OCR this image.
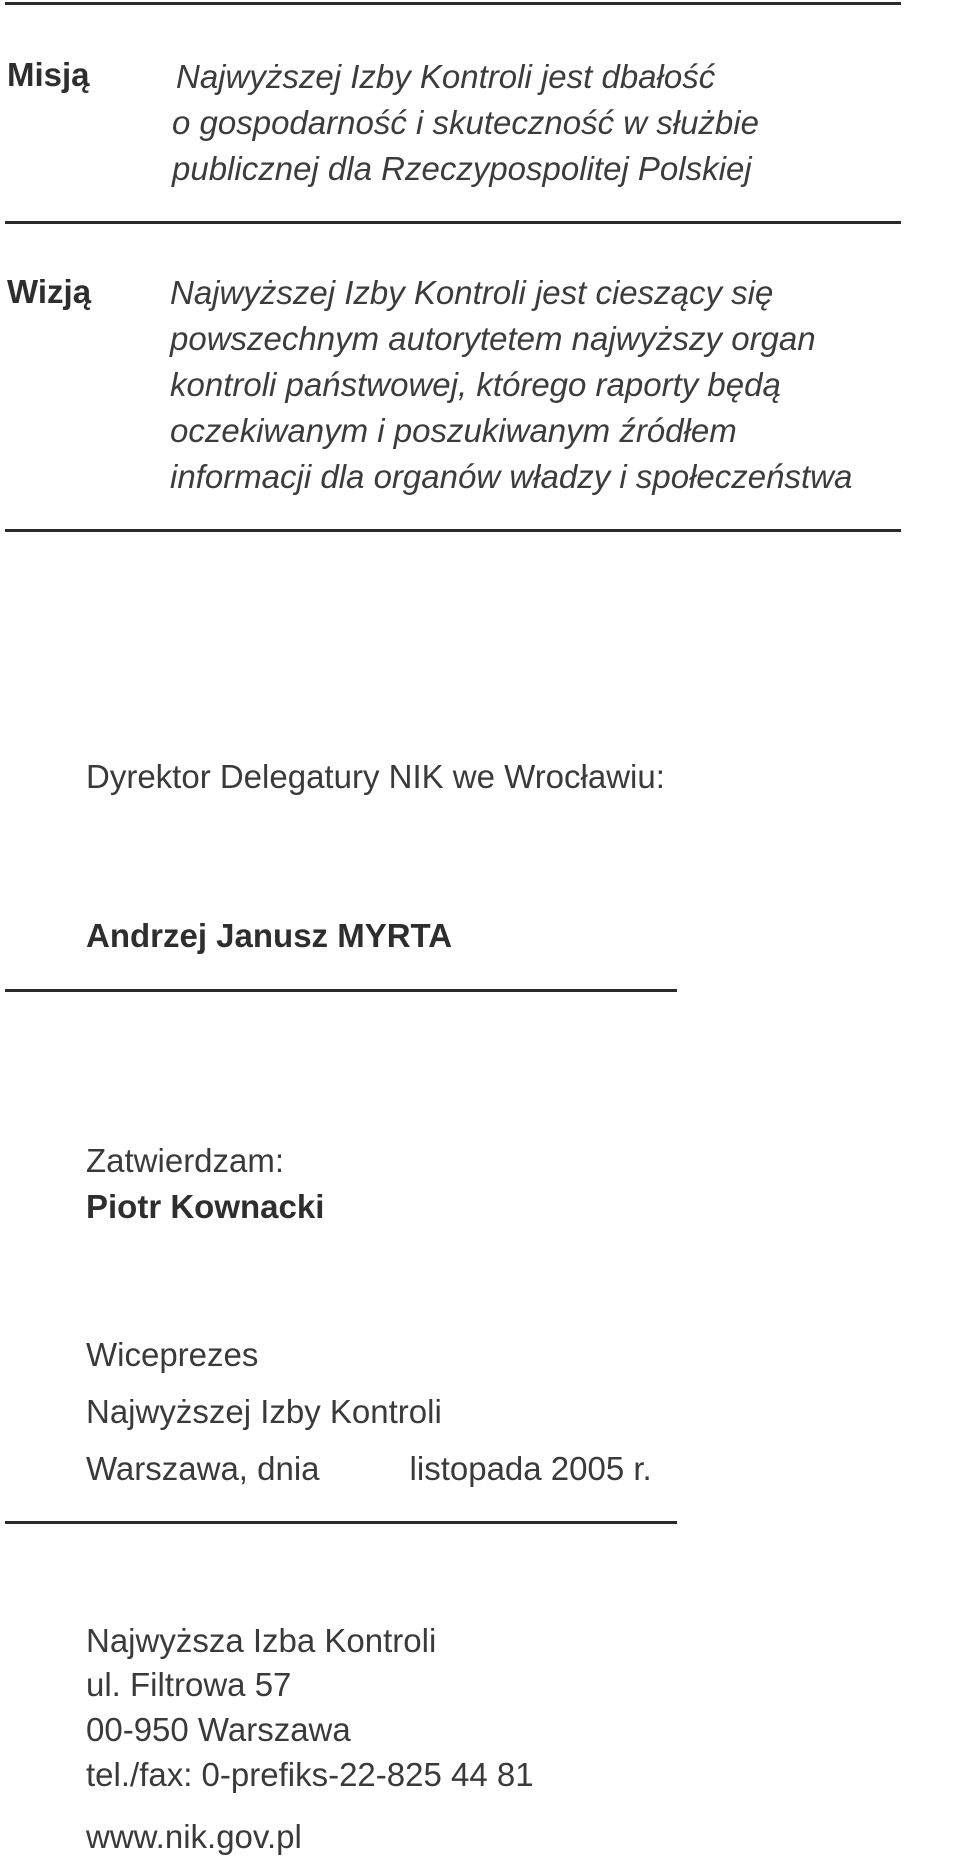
Misją	Najwyższej Izby Kontroli jest dbałość
o gospodarność i skuteczność w służbie
publicznej dla Rzeczypospolitej Polskiej
Wizją Najwyższej Izby Kontroli jest cieszący się
powszechnym autorytetem najwyższy organ
kontroli państwowej, którego raporty będą
oczekiwanym i poszukiwanym źródłem
informacji dla organów władzy i społeczeństwa
Dyrektor Delegatury NIK we Wrocławiu:
Andrzej Janusz MYRTA
Zatwierdzam:
Piotr Kownacki
Wiceprezes
Najwyższej Izby Kontroli
Warszawa, dnia	listopada 2005 r.
Najwyższa Izba Kontroli
ul. Filtrowa 57
00-950 Warszawa
tel./fax: 0-prefiks-22-825 44 81
www.nik.gov.pl
